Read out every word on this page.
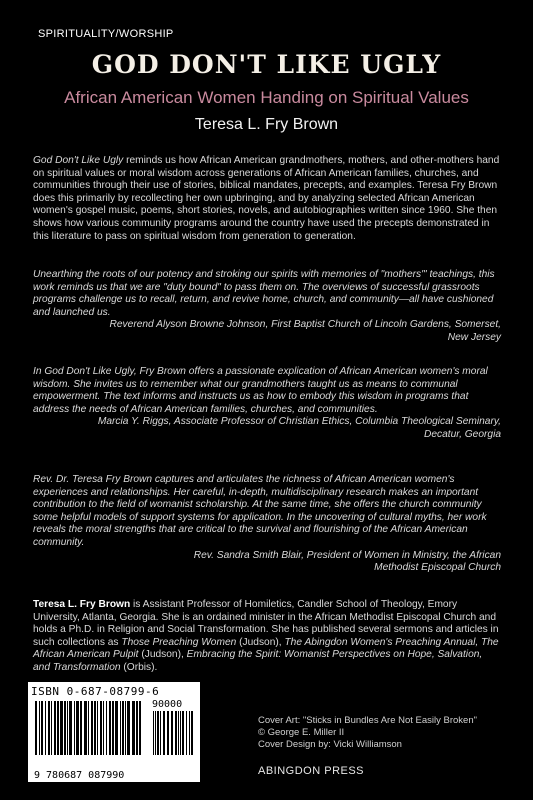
SPIRITUALITY/WORSHIP
GOD DON'T LIKE UGLY
African American Women Handing on Spiritual Values
Teresa L. Fry Brown
God Don't Like Ugly reminds us how African American grandmothers, mothers, and other-mothers hand on spiritual values or moral wisdom across generations of African American families, churches, and communities through their use of stories, biblical mandates, precepts, and examples. Teresa Fry Brown does this primarily by recollecting her own upbringing, and by analyzing selected African American women's gospel music, poems, short stories, novels, and autobiographies written since 1960. She then shows how various community programs around the country have used the precepts demonstrated in this literature to pass on spiritual wisdom from generation to generation.
Unearthing the roots of our potency and stroking our spirits with memories of "mothers'" teachings, this work reminds us that we are "duty bound" to pass them on. The overviews of successful grassroots programs challenge us to recall, return, and revive home, church, and community—all have cushioned and launched us.
Reverend Alyson Browne Johnson, First Baptist Church of Lincoln Gardens, Somerset, New Jersey
In God Don't Like Ugly, Fry Brown offers a passionate explication of African American women's moral wisdom. She invites us to remember what our grandmothers taught us as means to communal empowerment. The text informs and instructs us as how to embody this wisdom in programs that address the needs of African American families, churches, and communities.
Marcia Y. Riggs, Associate Professor of Christian Ethics, Columbia Theological Seminary, Decatur, Georgia
Rev. Dr. Teresa Fry Brown captures and articulates the richness of African American women's experiences and relationships. Her careful, in-depth, multidisciplinary research makes an important contribution to the field of womanist scholarship. At the same time, she offers the church community some helpful models of support systems for application. In the uncovering of cultural myths, her work reveals the moral strengths that are critical to the survival and flourishing of the African American community.
Rev. Sandra Smith Blair, President of Women in Ministry, the African Methodist Episcopal Church
Teresa L. Fry Brown is Assistant Professor of Homiletics, Candler School of Theology, Emory University, Atlanta, Georgia. She is an ordained minister in the African Methodist Episcopal Church and holds a Ph.D. in Religion and Social Transformation. She has published several sermons and articles in such collections as Those Preaching Women (Judson), The Abingdon Women's Preaching Annual, The African American Pulpit (Judson), Embracing the Spirit: Womanist Perspectives on Hope, Salvation, and Transformation (Orbis).
ISBN 0-687-08799-6
90000
9 780687 087990
Cover Art: "Sticks in Bundles Are Not Easily Broken"
© George E. Miller II
Cover Design by: Vicki Williamson
ABINGDON PRESS
